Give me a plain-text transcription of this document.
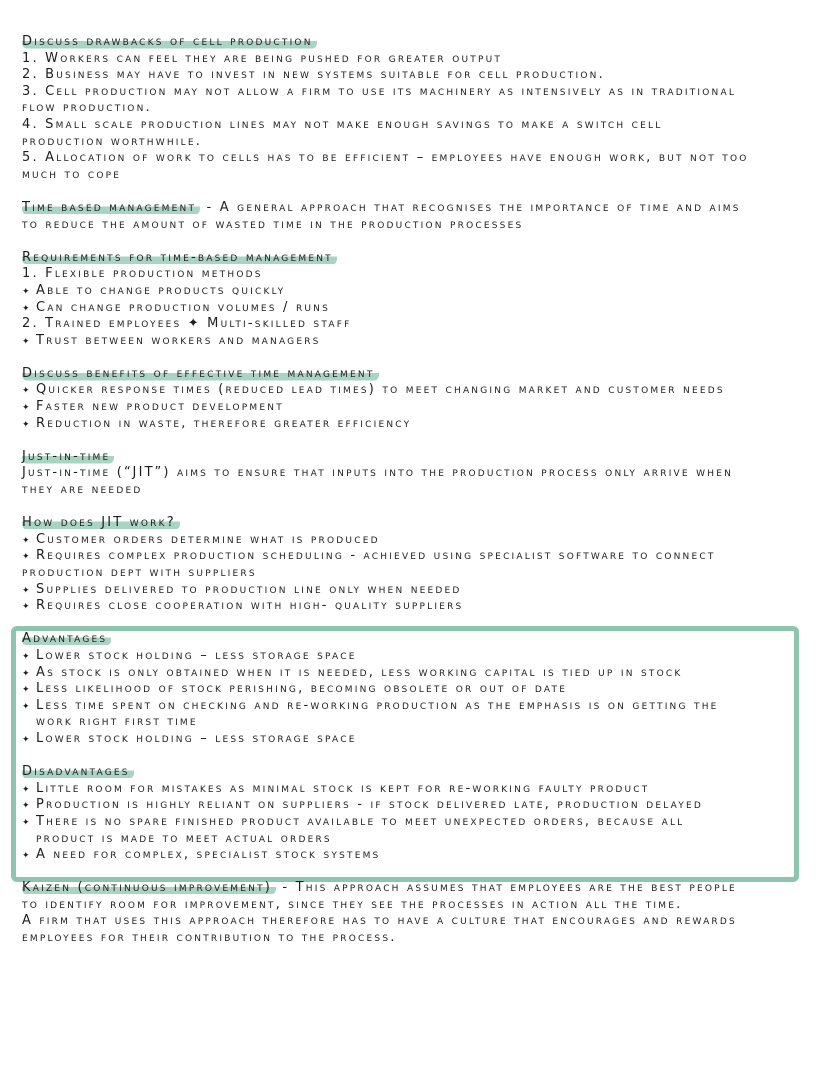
Discuss drawbacks of cell production
1. Workers can feel they are being pushed for greater output
2. Business may have to invest in new systems suitable for cell production.
3. Cell production may not allow a firm to use its machinery as intensively as in traditional
flow production.
4. Small scale production lines may not make enough savings to make a switch cell
production worthwhile.
5. Allocation of work to cells has to be efficient – employees have enough work, but not too
much to cope
Time based management - A general approach that recognises the importance of time and aims
to reduce the amount of wasted time in the production processes
Requirements for time-based management
1. Flexible production methods
✦ Able to change products quickly
✦ Can change production volumes / runs
2. Trained employees ✦ Multi-skilled staff
✦ Trust between workers and managers
Discuss benefits of effective time management
✦ Quicker response times (reduced lead times) to meet changing market and customer needs
✦ Faster new product development
✦ Reduction in waste, therefore greater efficiency
Just-in-time
Just-in-time (“JIT”) aims to ensure that inputs into the production process only arrive when
they are needed
How does JIT work?
✦ Customer orders determine what is produced
✦ Requires complex production scheduling - achieved using specialist software to connect
production dept with suppliers
✦ Supplies delivered to production line only when needed
✦ Requires close cooperation with high- quality suppliers
Advantages
✦ Lower stock holding – less storage space
✦ As stock is only obtained when it is needed, less working capital is tied up in stock
✦ Less likelihood of stock perishing, becoming obsolete or out of date
✦ Less time spent on checking and re-working production as the emphasis is on getting the
work right first time
✦ Lower stock holding – less storage space
Disadvantages
✦ Little room for mistakes as minimal stock is kept for re-working faulty product
✦ Production is highly reliant on suppliers - if stock delivered late, production delayed
✦ There is no spare finished product available to meet unexpected orders, because all
product is made to meet actual orders
✦ A need for complex, specialist stock systems
Kaizen (continuous improvement) - This approach assumes that employees are the best people
to identify room for improvement, since they see the processes in action all the time.
A firm that uses this approach therefore has to have a culture that encourages and rewards
employees for their contribution to the process.
